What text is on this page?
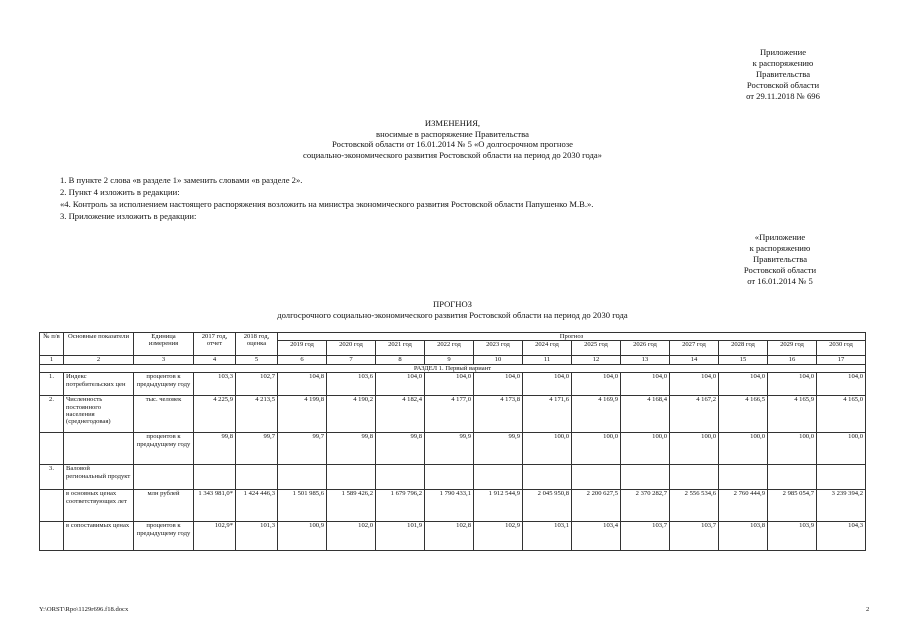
Приложение
к распоряжению
Правительства
Ростовской области
от 29.11.2018 № 696
ИЗМЕНЕНИЯ,
вносимые в распоряжение Правительства
Ростовской области от 16.01.2014 № 5 «О долгосрочном прогнозе
социально-экономического развития Ростовской области на период до 2030 года»
1. В пункте 2 слова «в разделе 1» заменить словами «в разделе 2».
2. Пункт 4 изложить в редакции:
«4. Контроль за исполнением настоящего распоряжения возложить на министра экономического развития Ростовской области Папушенко М.В.».
3. Приложение изложить в редакции:
«Приложение
к распоряжению
Правительства
Ростовской области
от 16.01.2014 № 5
ПРОГНОЗ
долгосрочного социально-экономического развития Ростовской области на период до 2030 года
№ п/в	Основные показатели	Единица измерения	2017 год, отчет	2018 год, оценка	Прогноз											
					2019 год	2020 год	2021 год	2022 год	2023 год	2024 год	2025 год	2026 год	2027 год	2028 год	2029 год	2030 год
1	2	3	4	5	6	7	8	9	10	11	12	13	14	15	16	17
РАЗДЕЛ 1. Первый вариант																
1.	Индекс потребительских цен	процентов к предыдущему году	103,3	102,7	104,8	103,6	104,0	104,0	104,0	104,0	104,0	104,0	104,0	104,0	104,0	104,0
2.	Численность постоянного населения (среднегодовая)	тыс. человек	4 225,9	4 213,5	4 199,8	4 190,2	4 182,4	4 177,0	4 173,8	4 171,6	4 169,9	4 168,4	4 167,2	4 166,5	4 165,9	4 165,0
		процентов к предыдущему году	99,8	99,7	99,7	99,8	99,8	99,9	99,9	100,0	100,0	100,0	100,0	100,0	100,0	100,0
3.	Валовой региональный продукт															
	в основных ценах соответствующих лет	млн рублей	1 343 981,0*	1 424 446,3	1 501 985,6	1 589 426,2	1 679 796,2	1 790 433,1	1 912 544,9	2 045 950,8	2 200 627,5	2 370 282,7	2 556 534,6	2 760 444,9	2 985 054,7	3 239 394,2
	в сопоставимых ценах	процентов к предыдущему году	102,9*	101,3	100,9	102,0	101,9	102,8	102,9	103,1	103,4	103,7	103,7	103,8	103,9	104,3
Y:\ORST\Rpo\1129r696.f18.docx	2
